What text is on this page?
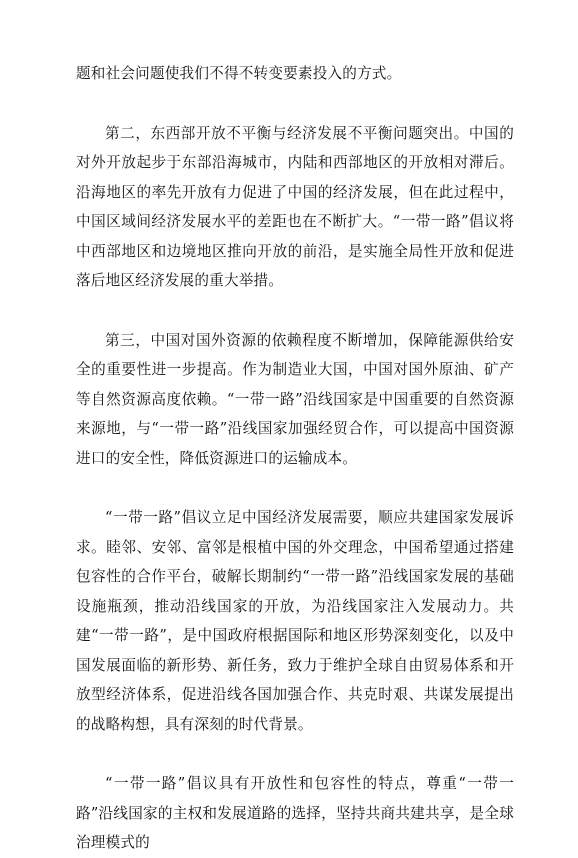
题和社会问题使我们不得不转变要素投入的方式。

第二，东西部开放不平衡与经济发展不平衡问题突出。中国的对外开放起步于东部沿海城市，内陆和西部地区的开放相对滞后。沿海地区的率先开放有力促进了中国的经济发展，但在此过程中，中国区域间经济发展水平的差距也在不断扩大。“一带一路”倡议将中西部地区和边境地区推向开放的前沿，是实施全局性开放和促进落后地区经济发展的重大举措。

第三，中国对国外资源的依赖程度不断增加，保障能源供给安全的重要性进一步提高。作为制造业大国，中国对国外原油、矿产等自然资源高度依赖。“一带一路”沿线国家是中国重要的自然资源来源地，与“一带一路”沿线国家加强经贸合作，可以提高中国资源进口的安全性，降低资源进口的运输成本。

“一带一路”倡议立足中国经济发展需要，顺应共建国家发展诉求。睦邻、安邻、富邻是根植中国的外交理念，中国希望通过搭建包容性的合作平台，破解长期制约“一带一路”沿线国家发展的基础设施瓶颈，推动沿线国家的开放，为沿线国家注入发展动力。共建“一带一路”，是中国政府根据国际和地区形势深刻变化，以及中国发展面临的新形势、新任务，致力于维护全球自由贸易体系和开放型经济体系，促进沿线各国加强合作、共克时艰、共谋发展提出的战略构想，具有深刻的时代背景。

“一带一路”倡议具有开放性和包容性的特点，尊重“一带一路”沿线国家的主权和发展道路的选择，坚持共商共建共享，是全球治理模式的
